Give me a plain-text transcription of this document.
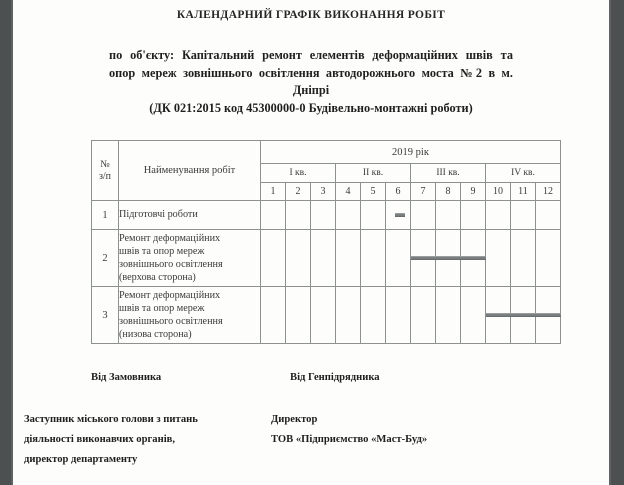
КАЛЕНДАРНИЙ ГРАФІК ВИКОНАННЯ РОБІТ
по об'єкту: Капітальний ремонт елементів деформаційних швів та
опор мереж зовнішнього освітлення автодорожнього моста №2 в м.
Дніпрі
(ДК 021:2015 код 45300000-0 Будівельно-монтажні роботи)
№
з/п	Найменування робіт	2019 рік											
		I кв.			II кв.			III кв.			IV кв.		
		1	2	3	4	5	6	7	8	9	10	11	12
1	Підготовчі роботи												

2	Ремонт деформаційних
швів та опор мереж
зовнішнього освітлення
(верхова сторона)												

3	Ремонт деформаційних
швів та опор мереж
зовнішнього освітлення
(низова сторона)												

Від Замовника	Від Генпідрядника
Заступник міського голови з питань
діяльності виконавчих органів,
директор департаменту
Директор
ТОВ «Підприємство «Маст-Буд»
